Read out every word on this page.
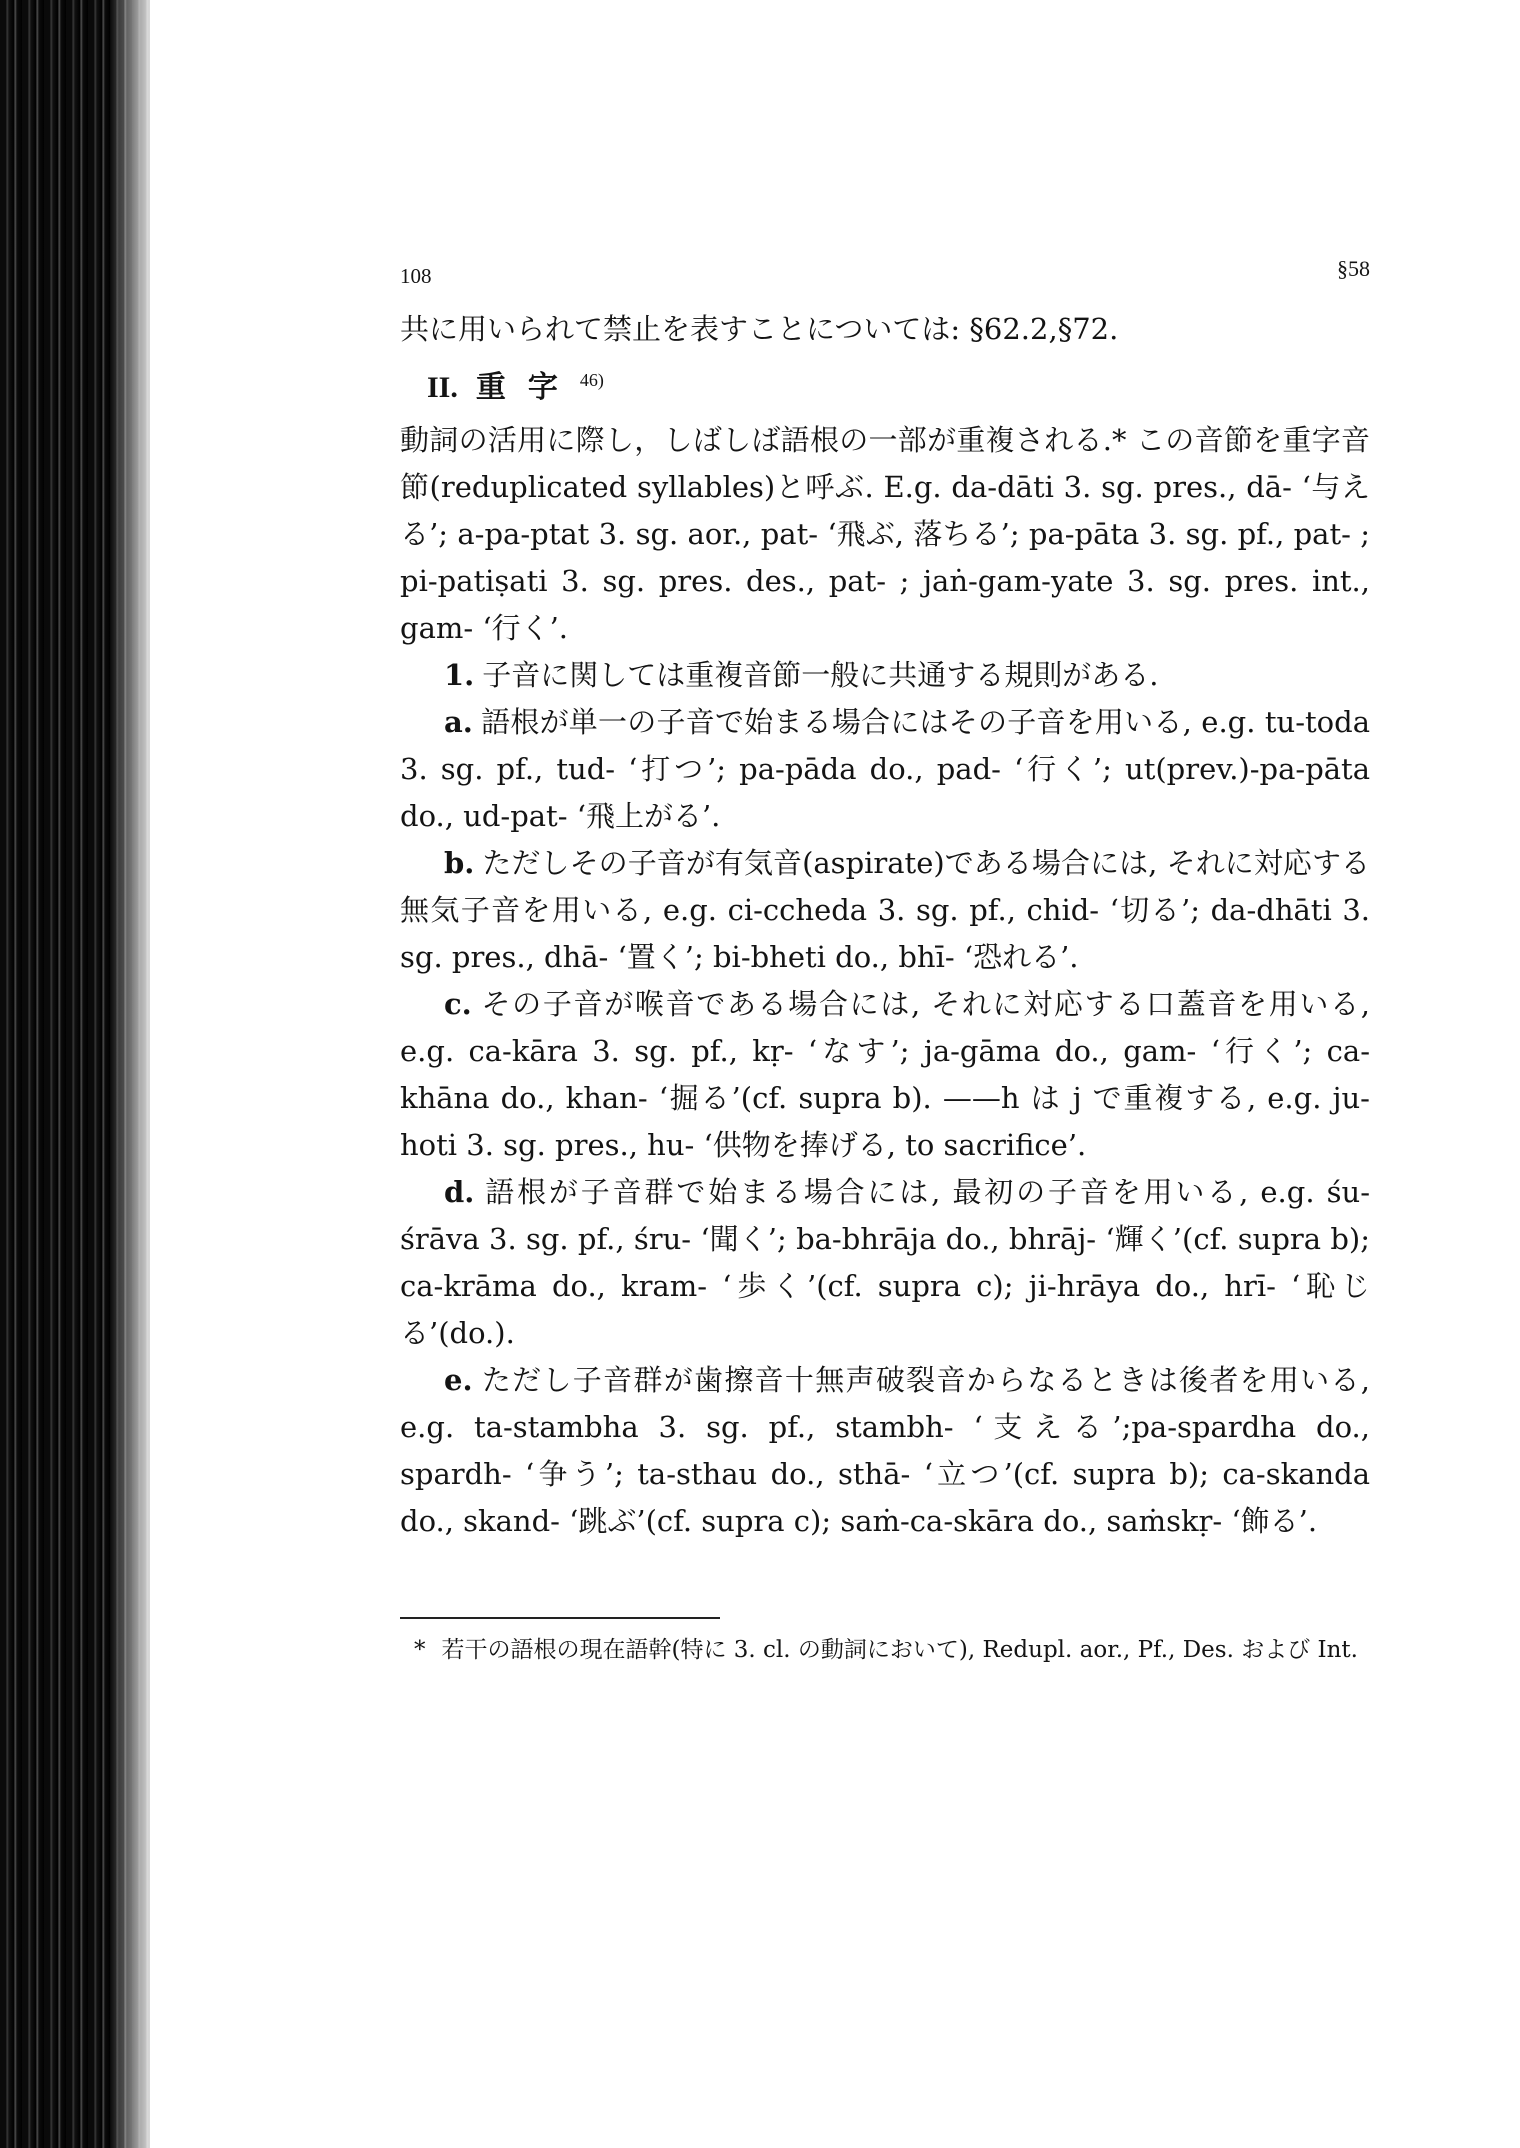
108	§58

共に用いられて禁止を表すことについては: §62.2,§72.

II. 重字$^{46)}$

動詞の活用に際し，しばしば語根の一部が重複される.* この音節を重字音節(reduplicated syllables)と呼ぶ. E.g. da-dāti 3. sg. pres., dā- ‘与える’; a-pa-ptat 3. sg. aor., pat- ‘飛ぶ, 落ちる’; pa-pāta 3. sg. pf., pat- ; pi-patiṣati 3. sg. pres. des., pat- ; jaṅ-gam-yate 3. sg. pres. int., gam- ‘行く’.

1. 子音に関しては重複音節一般に共通する規則がある.

a. 語根が単一の子音で始まる場合にはその子音を用いる, e.g. tu-toda 3. sg. pf., tud- ‘打つ’; pa-pāda do., pad- ‘行く’; ut(prev.)-pa-pāta do., ud-pat- ‘飛上がる’.

b. ただしその子音が有気音(aspirate)である場合には, それに対応する無気子音を用いる, e.g. ci-ccheda 3. sg. pf., chid- ‘切る’; da-dhāti 3. sg. pres., dhā- ‘置く’; bi-bheti do., bhī- ‘恐れる’.

c. その子音が喉音である場合には, それに対応する口蓋音を用いる, e.g. ca-kāra 3. sg. pf., kṛ- ‘なす’; ja-gāma do., gam- ‘行く’; ca-khāna do., khan- ‘掘る’(cf. supra b). ——h は j で重複する, e.g. ju-hoti 3. sg. pres., hu- ‘供物を捧げる, to sacrifice’.

d. 語根が子音群で始まる場合には, 最初の子音を用いる, e.g. śu-śrāva 3. sg. pf., śru- ‘聞く’; ba-bhrāja do., bhrāj- ‘輝く’(cf. supra b); ca-krāma do., kram- ‘歩く’(cf. supra c); ji-hrāya do., hrī- ‘恥じる’(do.).

e. ただし子音群が歯擦音十無声破裂音からなるときは後者を用いる, e.g. ta-stambha 3. sg. pf., stambh- ‘支える’;pa-spardha do., spardh- ‘争う’; ta-sthau do., sthā- ‘立つ’(cf. supra b); ca-skanda do., skand- ‘跳ぶ’(cf. supra c); saṁ-ca-skāra do., saṁskṛ- ‘飾る’.

* 若干の語根の現在語幹(特に 3. cl. の動詞において), Redupl. aor., Pf., Des. および Int.
